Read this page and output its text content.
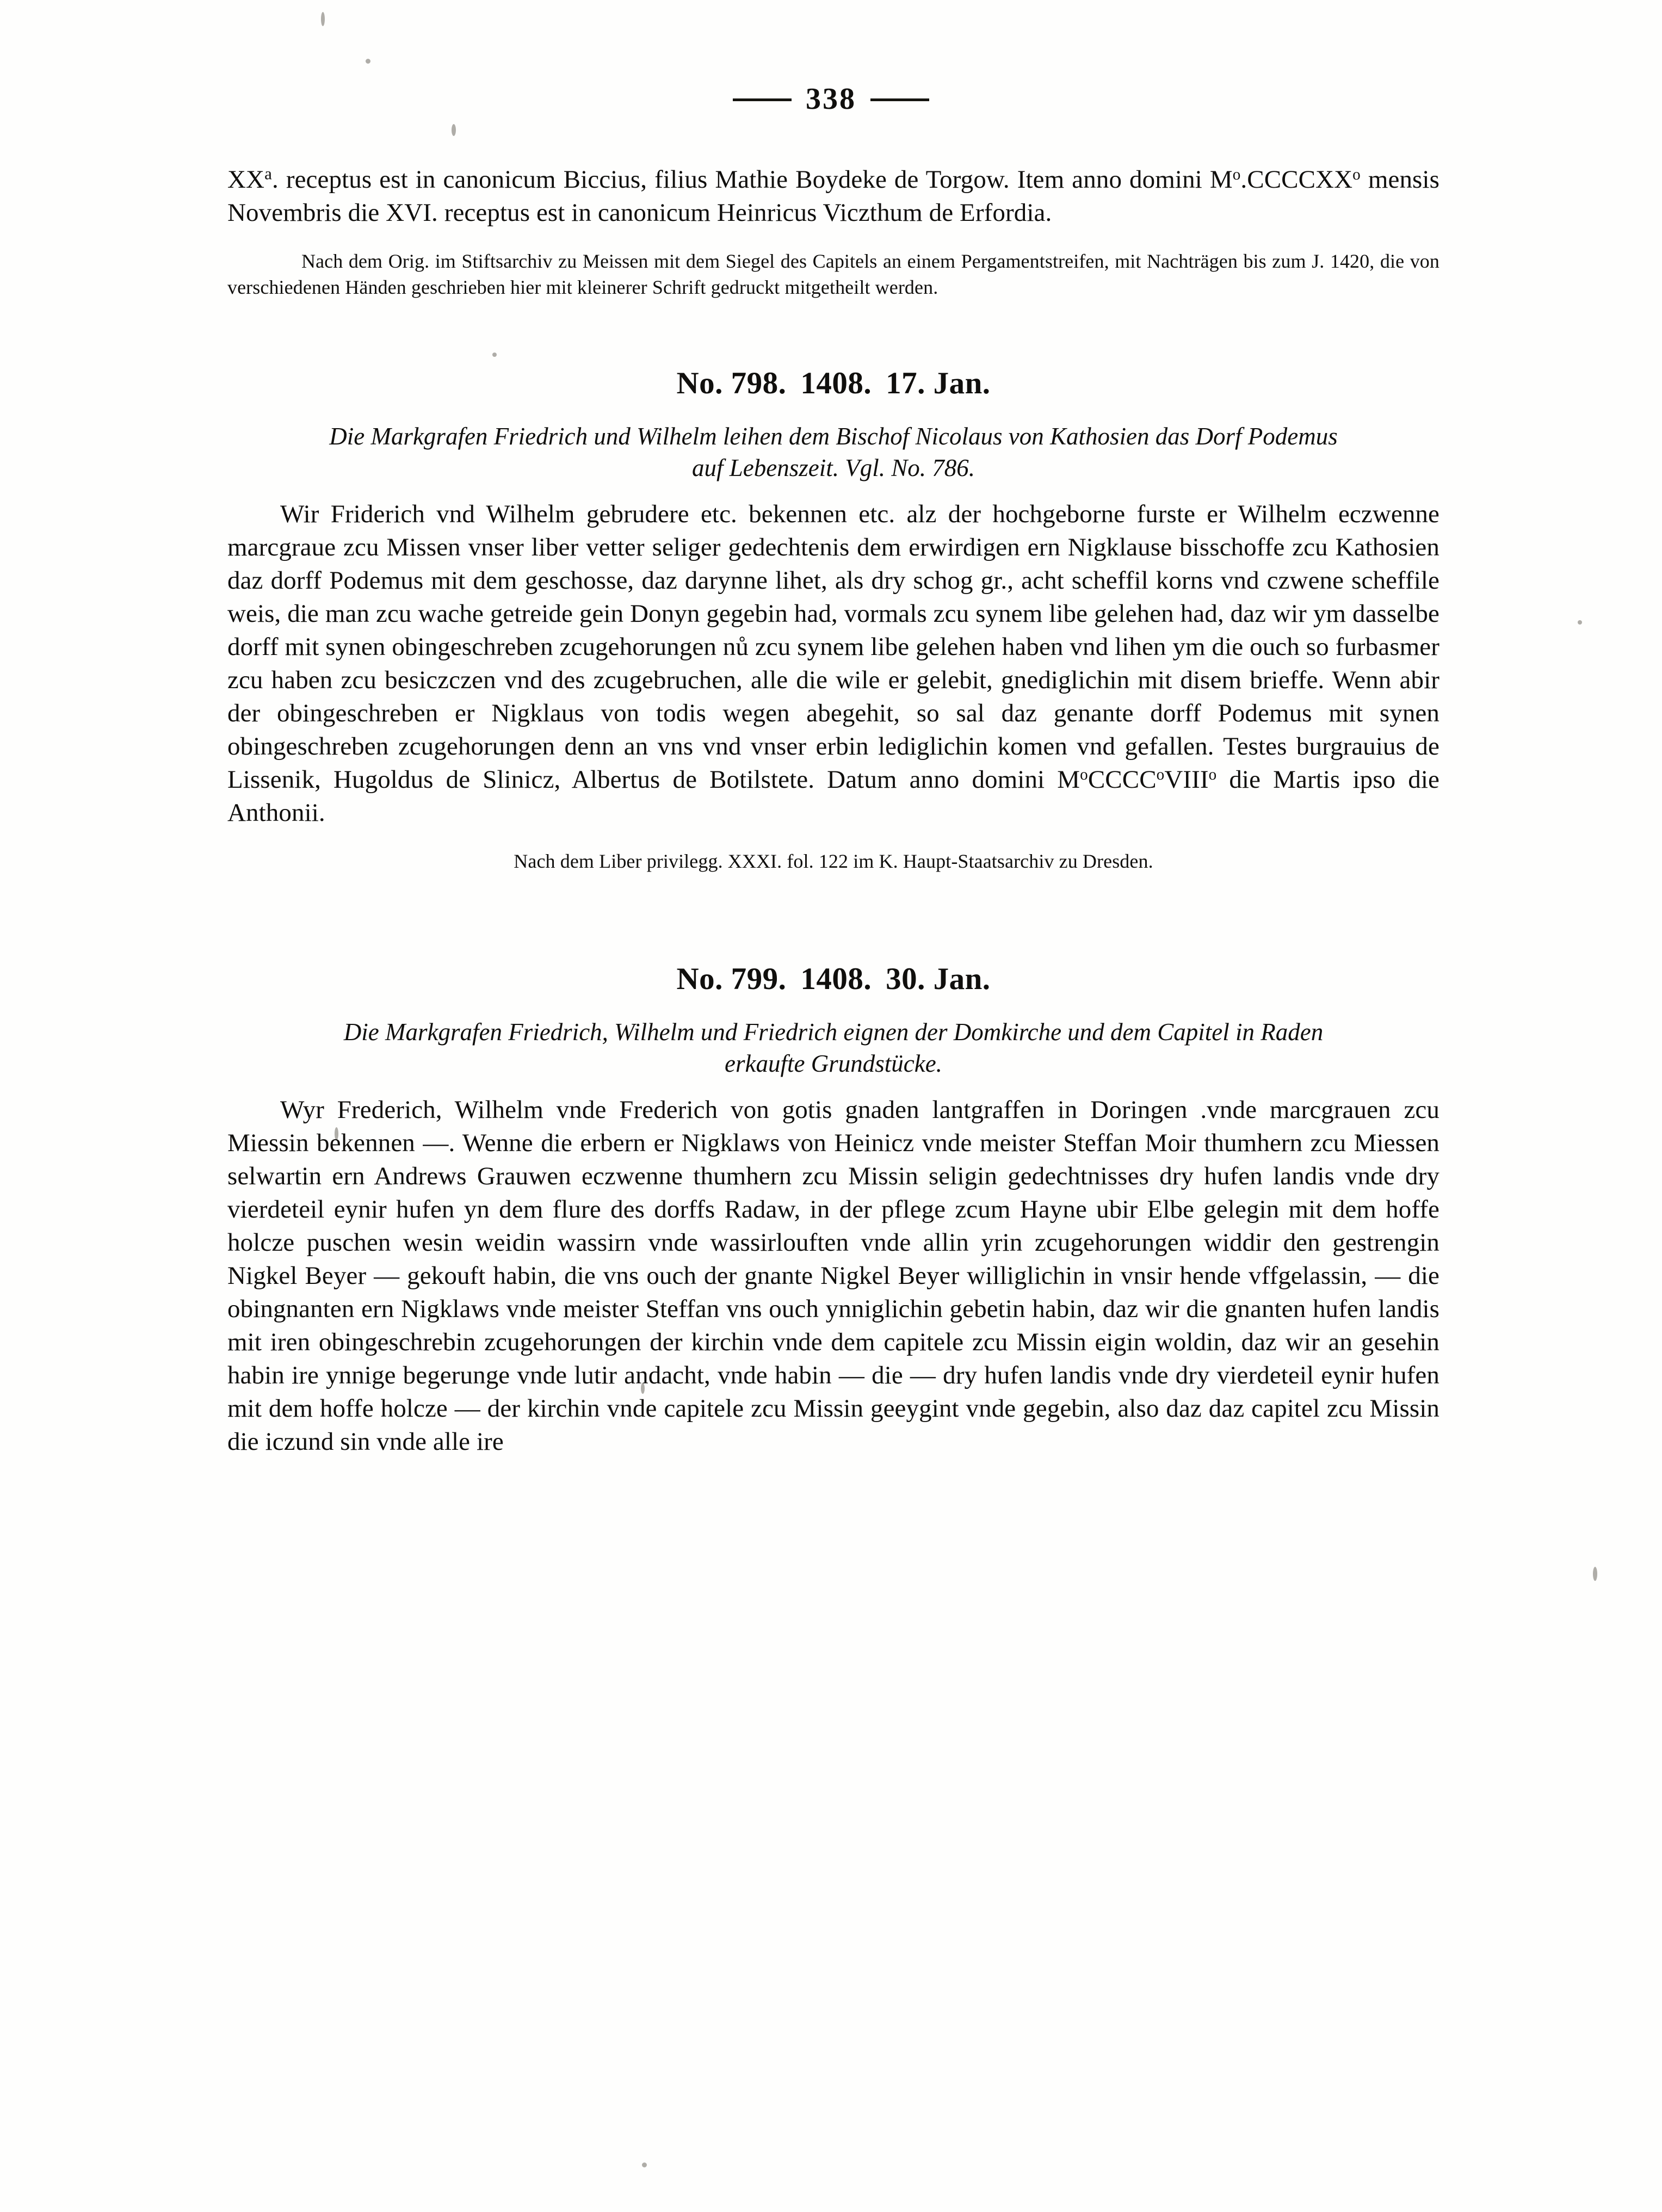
338

$XX^a$. receptus est in canonicum Biccius, filius Mathie Boydeke de Torgow. Item anno domini $M^o.CCCCXX^o$ mensis Novembris die XVI. receptus est in canonicum Heinricus Viczthum de Erfordia.

Nach dem Orig. im Stiftsarchiv zu Meissen mit dem Siegel des Capitels an einem Pergamentstreifen, mit Nachträgen bis zum J. 1420, die von verschiedenen Händen geschrieben hier mit kleinerer Schrift gedruckt mitgetheilt werden.

No. 798. 1408. 17. Jan.

Die Markgrafen Friedrich und Wilhelm leihen dem Bischof Nicolaus von Kathosien das Dorf Podemus
auf Lebenszeit. Vgl. No. 786.

Wir Friderich vnd Wilhelm gebrudere etc. bekennen etc. alz der hochgeborne furste er Wilhelm eczwenne marcgraue zcu Missen vnser liber vetter seliger gedechtenis dem erwirdigen ern Nigklause bisschoffe zcu Kathosien daz dorff Podemus mit dem geschosse, daz darynne lihet, als dry schog gr., acht scheffil korns vnd czwene scheffile weis, die man zcu wache getreide gein Donyn gegebin had, vormals zcu synem libe gelehen had, daz wir ym dasselbe dorff mit synen obingeschreben zcugehorungen nů zcu synem libe gelehen haben vnd lihen ym die ouch so furbasmer zcu haben zcu besiczczen vnd des zcugebruchen, alle die wile er gelebit, gnediglichin mit disem brieffe. Wenn abir der obingeschreben er Nigklaus von todis wegen abegehit, so sal daz genante dorff Podemus mit synen obingeschreben zcugehorungen denn an vns vnd vnser erbin lediglichin komen vnd gefallen. Testes burgrauius de Lissenik, Hugoldus de Slinicz, Albertus de Botilstete. Datum anno domini $M^oCCCC^oVIII^o$ die Martis ipso die Anthonii.

Nach dem Liber privilegg. XXXI. fol. 122 im K. Haupt-Staatsarchiv zu Dresden.

No. 799. 1408. 30. Jan.

Die Markgrafen Friedrich, Wilhelm und Friedrich eignen der Domkirche und dem Capitel in Raden
erkaufte Grundstücke.

Wyr Frederich, Wilhelm vnde Frederich von gotis gnaden lantgraffen in Doringen .vnde marcgrauen zcu Miessin bekennen —. Wenne die erbern er Nigklaws von Heinicz vnde meister Steffan Moir thumhern zcu Miessen selwartin ern Andrews Grauwen eczwenne thumhern zcu Missin seligin gedechtnisses dry hufen landis vnde dry vierdeteil eynir hufen yn dem flure des dorffs Radaw, in der pflege zcum Hayne ubir Elbe gelegin mit dem hoffe holcze puschen wesin weidin wassirn vnde wassirlouften vnde allin yrin zcugehorungen widdir den gestrengin Nigkel Beyer — gekouft habin, die vns ouch der gnante Nigkel Beyer williglichin in vnsir hende vffgelassin, — die obingnanten ern Nigklaws vnde meister Steffan vns ouch ynniglichin gebetin habin, daz wir die gnanten hufen landis mit iren obingeschrebin zcugehorungen der kirchin vnde dem capitele zcu Missin eigin woldin, daz wir an gesehin habin ire ynnige begerunge vnde lutir andacht, vnde habin — die — dry hufen landis vnde dry vierdeteil eynir hufen mit dem hoffe holcze — der kirchin vnde capitele zcu Missin geeygint vnde gegebin, also daz daz capitel zcu Missin die iczund sin vnde alle ire
